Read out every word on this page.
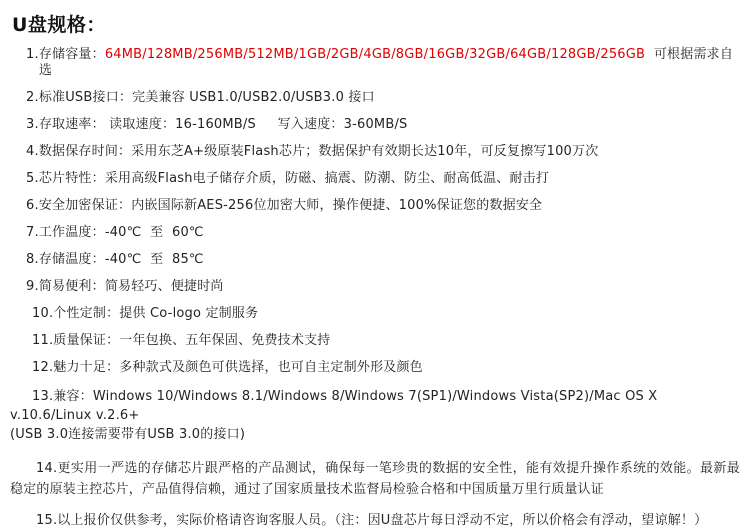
U盘规格：
1. 存储容量：64MB/128MB/256MB/512MB/1GB/2GB/4GB/8GB/16GB/32GB/64GB/128GB/256GB  可根据需求自选
2. 标准USB接口：完美兼容 USB1.0/USB2.0/USB3.0 接口
3. 存取速率： 读取速度：16-160MB/S     写入速度：3-60MB/S
4. 数据保存时间：采用东芝A+级原装Flash芯片；数据保护有效期长达10年，可反复擦写100万次
5. 芯片特性：采用高级Flash电子储存介质，防磁、搞震、防潮、防尘、耐高低温、耐击打
6. 安全加密保证：内嵌国际新AES-256位加密大师，操作便捷、100%保证您的数据安全
7. 工作温度：-40℃  至  60℃
8. 存储温度：-40℃  至  85℃
9. 简易便利：简易轻巧、便捷时尚
10. 个性定制：提供 Co-logo 定制服务
11. 质量保证：一年包换、五年保固、免费技术支持
12. 魅力十足：多种款式及颜色可供选择，也可自主定制外形及颜色
13.兼容：Windows 10/Windows 8.1/Windows 8/Windows 7(SP1)/Windows Vista(SP2)/Mac OS X v.10.6/Linux v.2.6+
(USB 3.0连接需要带有USB 3.0的接口)
14.更实用一严选的存储芯片跟严格的产品测试，确保每一笔珍贵的数据的安全性，能有效提升操作系统的效能。最新最稳定的原装主控芯片，产品值得信赖，通过了国家质量技术监督局检验合格和中国质量万里行质量认证
15.以上报价仅供参考，实际价格请咨询客服人员。（注：因U盘芯片每日浮动不定，所以价格会有浮动，望谅解！）
